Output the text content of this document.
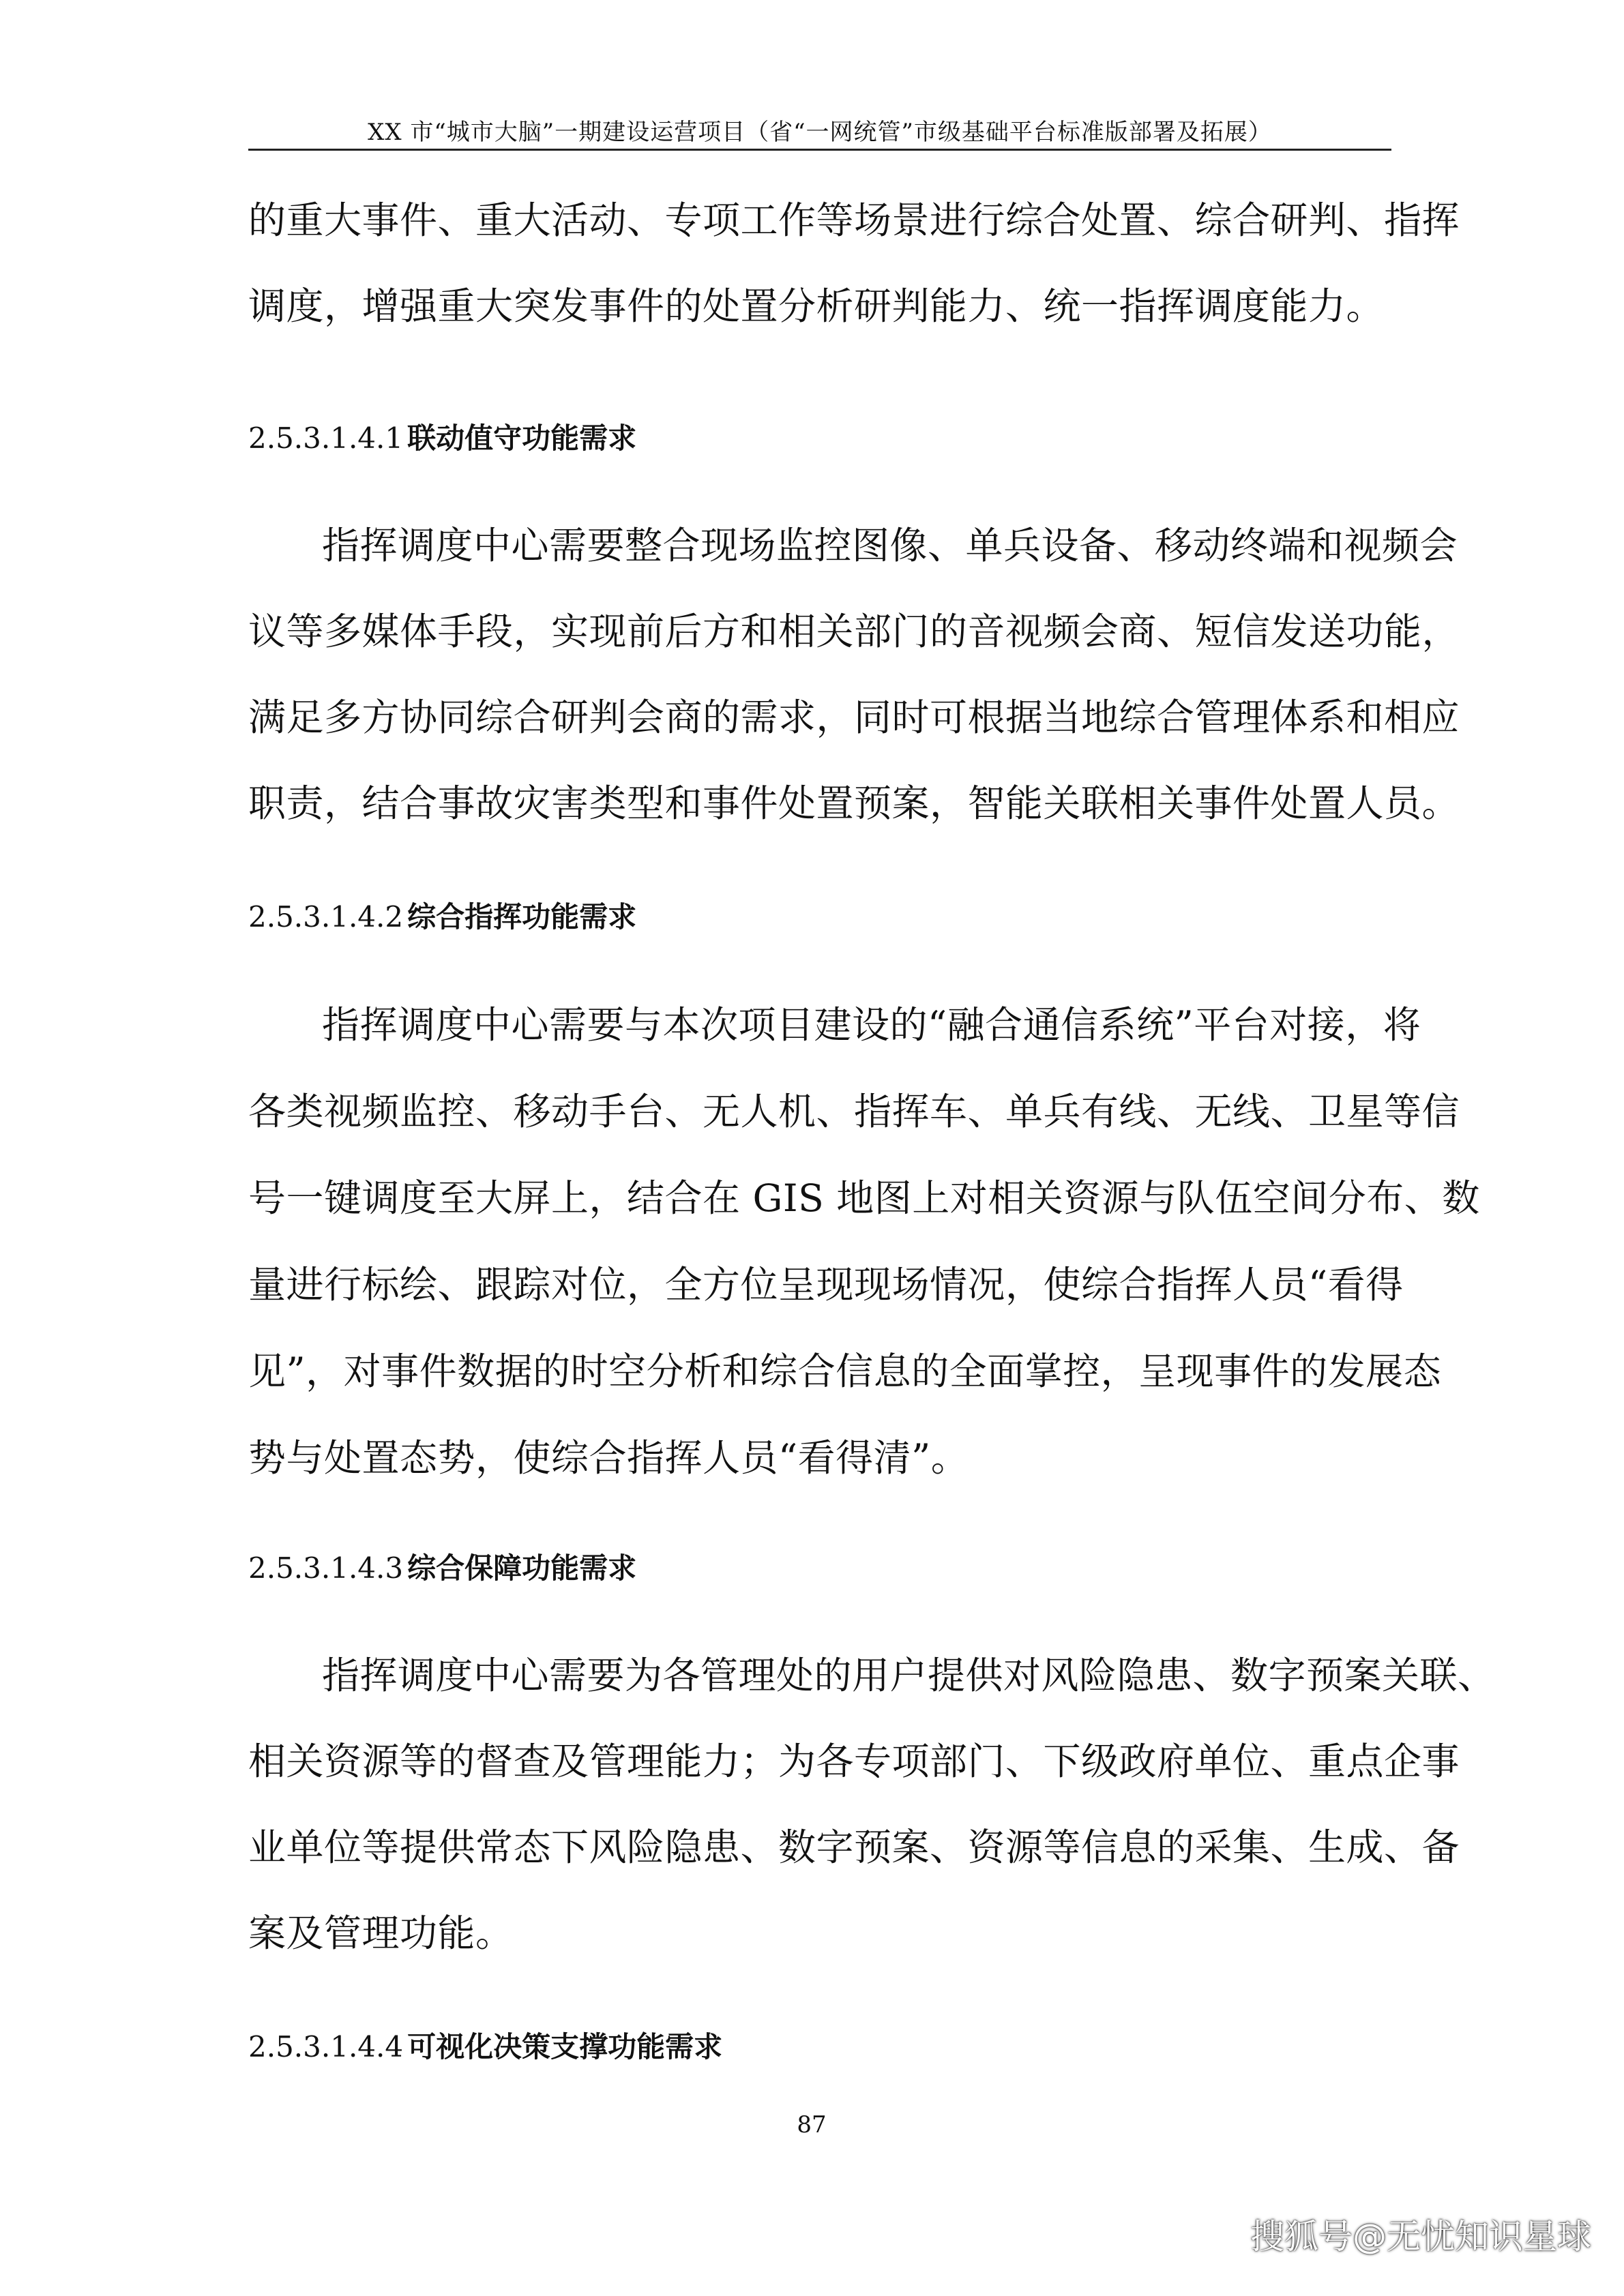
XX 市“城市大脑”一期建设运营项目（省“一网统管”市级基础平台标准版部署及拓展）
的重大事件、重大活动、专项工作等场景进行综合处置、综合研判、指挥
调度，增强重大突发事件的处置分析研判能力、统一指挥调度能力。
2.5.3.1.4.1 联动值守功能需求
指挥调度中心需要整合现场监控图像、单兵设备、移动终端和视频会
议等多媒体手段，实现前后方和相关部门的音视频会商、短信发送功能，
满足多方协同综合研判会商的需求，同时可根据当地综合管理体系和相应
职责，结合事故灾害类型和事件处置预案，智能关联相关事件处置人员。
2.5.3.1.4.2 综合指挥功能需求
指挥调度中心需要与本次项目建设的“融合通信系统”平台对接，将
各类视频监控、移动手台、无人机、指挥车、单兵有线、无线、卫星等信
号一键调度至大屏上，结合在 GIS 地图上对相关资源与队伍空间分布、数
量进行标绘、跟踪对位，全方位呈现现场情况，使综合指挥人员“看得
见”，对事件数据的时空分析和综合信息的全面掌控，呈现事件的发展态
势与处置态势，使综合指挥人员“看得清”。
2.5.3.1.4.3 综合保障功能需求
指挥调度中心需要为各管理处的用户提供对风险隐患、数字预案关联、
相关资源等的督查及管理能力；为各专项部门、下级政府单位、重点企事
业单位等提供常态下风险隐患、数字预案、资源等信息的采集、生成、备
案及管理功能。
2.5.3.1.4.4 可视化决策支撑功能需求
87
搜狐号@无忧知识星球
